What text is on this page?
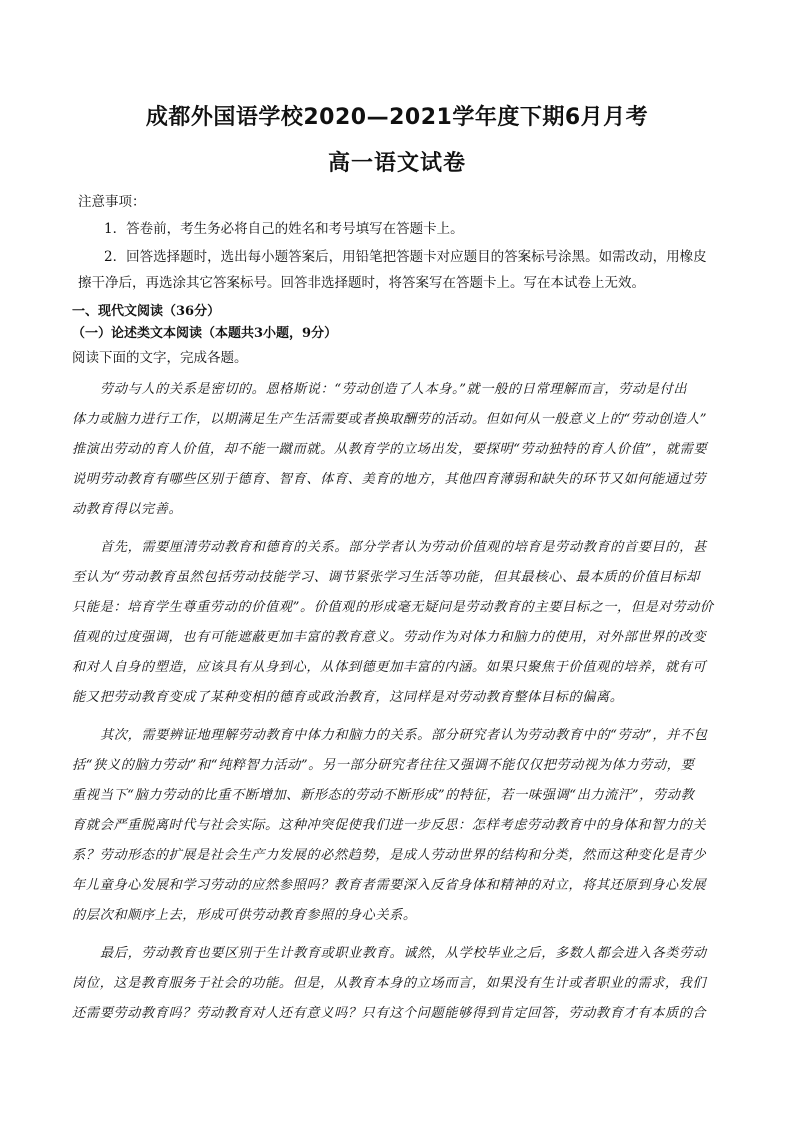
成都外国语学校2020—2021学年度下期6月月考
高一语文试卷
注意事项：
1．答卷前，考生务必将自己的姓名和考号填写在答题卡上。
2．回答选择题时，选出每小题答案后，用铅笔把答题卡对应题目的答案标号涂黑。如需改动，用橡皮
擦干净后，再选涂其它答案标号。回答非选择题时，将答案写在答题卡上。写在本试卷上无效。
一、现代文阅读（36分）
（一）论述类文本阅读（本题共3小题，9分）
阅读下面的文字，完成各题。
劳动与人的关系是密切的。恩格斯说：“劳动创造了人本身。”就一般的日常理解而言，劳动是付出
体力或脑力进行工作，以期满足生产生活需要或者换取酬劳的活动。但如何从一般意义上的“劳动创造人”
推演出劳动的育人价值，却不能一蹴而就。从教育学的立场出发，要探明“劳动独特的育人价值”，就需要
说明劳动教育有哪些区别于德育、智育、体育、美育的地方，其他四育薄弱和缺失的环节又如何能通过劳
动教育得以完善。
首先，需要厘清劳动教育和德育的关系。部分学者认为劳动价值观的培育是劳动教育的首要目的，甚
至认为“劳动教育虽然包括劳动技能学习、调节紧张学习生活等功能，但其最核心、最本质的价值目标却
只能是：培育学生尊重劳动的价值观”。价值观的形成毫无疑问是劳动教育的主要目标之一，但是对劳动价
值观的过度强调，也有可能遮蔽更加丰富的教育意义。劳动作为对体力和脑力的使用，对外部世界的改变
和对人自身的塑造，应该具有从身到心，从体到德更加丰富的内涵。如果只聚焦于价值观的培养，就有可
能又把劳动教育变成了某种变相的德育或政治教育，这同样是对劳动教育整体目标的偏离。
其次，需要辨证地理解劳动教育中体力和脑力的关系。部分研究者认为劳动教育中的“劳动”，并不包
括“狭义的脑力劳动”和“纯粹智力活动”。另一部分研究者往往又强调不能仅仅把劳动视为体力劳动，要
重视当下“脑力劳动的比重不断增加、新形态的劳动不断形成”的特征，若一味强调“出力流汗”，劳动教
育就会严重脱离时代与社会实际。这种冲突促使我们进一步反思：怎样考虑劳动教育中的身体和智力的关
系？劳动形态的扩展是社会生产力发展的必然趋势，是成人劳动世界的结构和分类，然而这种变化是青少
年儿童身心发展和学习劳动的应然参照吗？教育者需要深入反省身体和精神的对立，将其还原到身心发展
的层次和顺序上去，形成可供劳动教育参照的身心关系。
最后，劳动教育也要区别于生计教育或职业教育。诚然，从学校毕业之后，多数人都会进入各类劳动
岗位，这是教育服务于社会的功能。但是，从教育本身的立场而言，如果没有生计或者职业的需求，我们
还需要劳动教育吗？劳动教育对人还有意义吗？只有这个问题能够得到肯定回答，劳动教育才有本质的合
